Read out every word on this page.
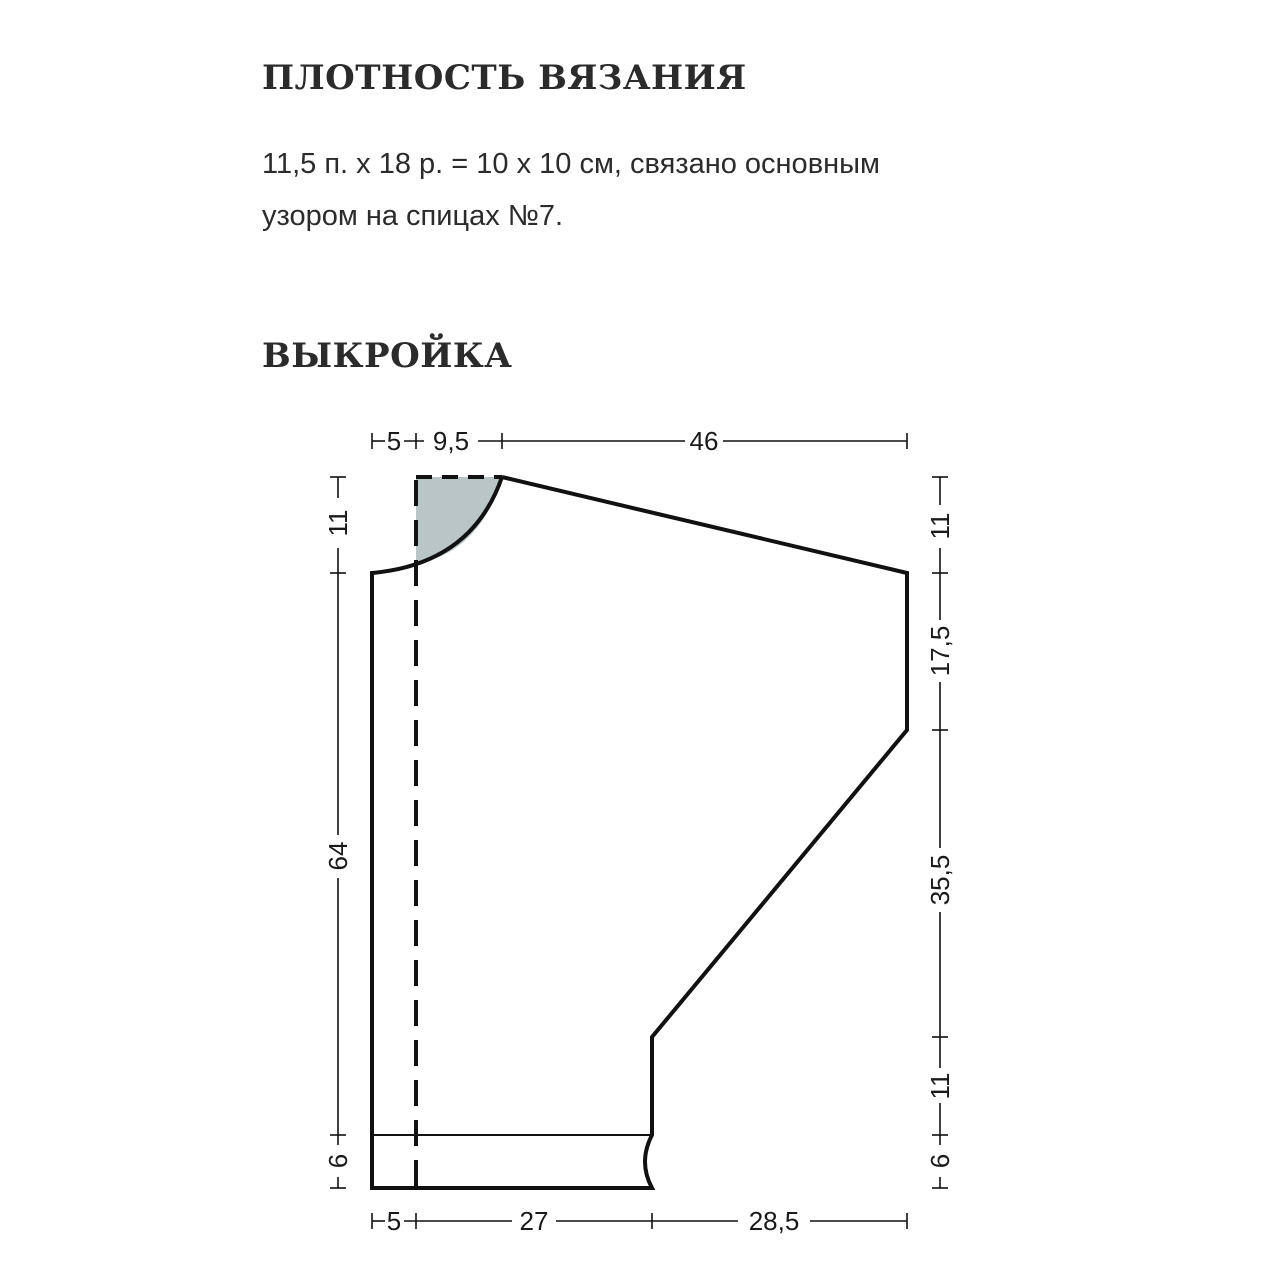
ПЛОТНОСТЬ ВЯЗАНИЯ
11,5 п. х 18 р. = 10 х 10 см, связано основным
узором на спицах №7.
ВЫКРОЙКА
5 9,5	46
5	27	28,5
11
64
6
11
17,5
35,5
11
6
